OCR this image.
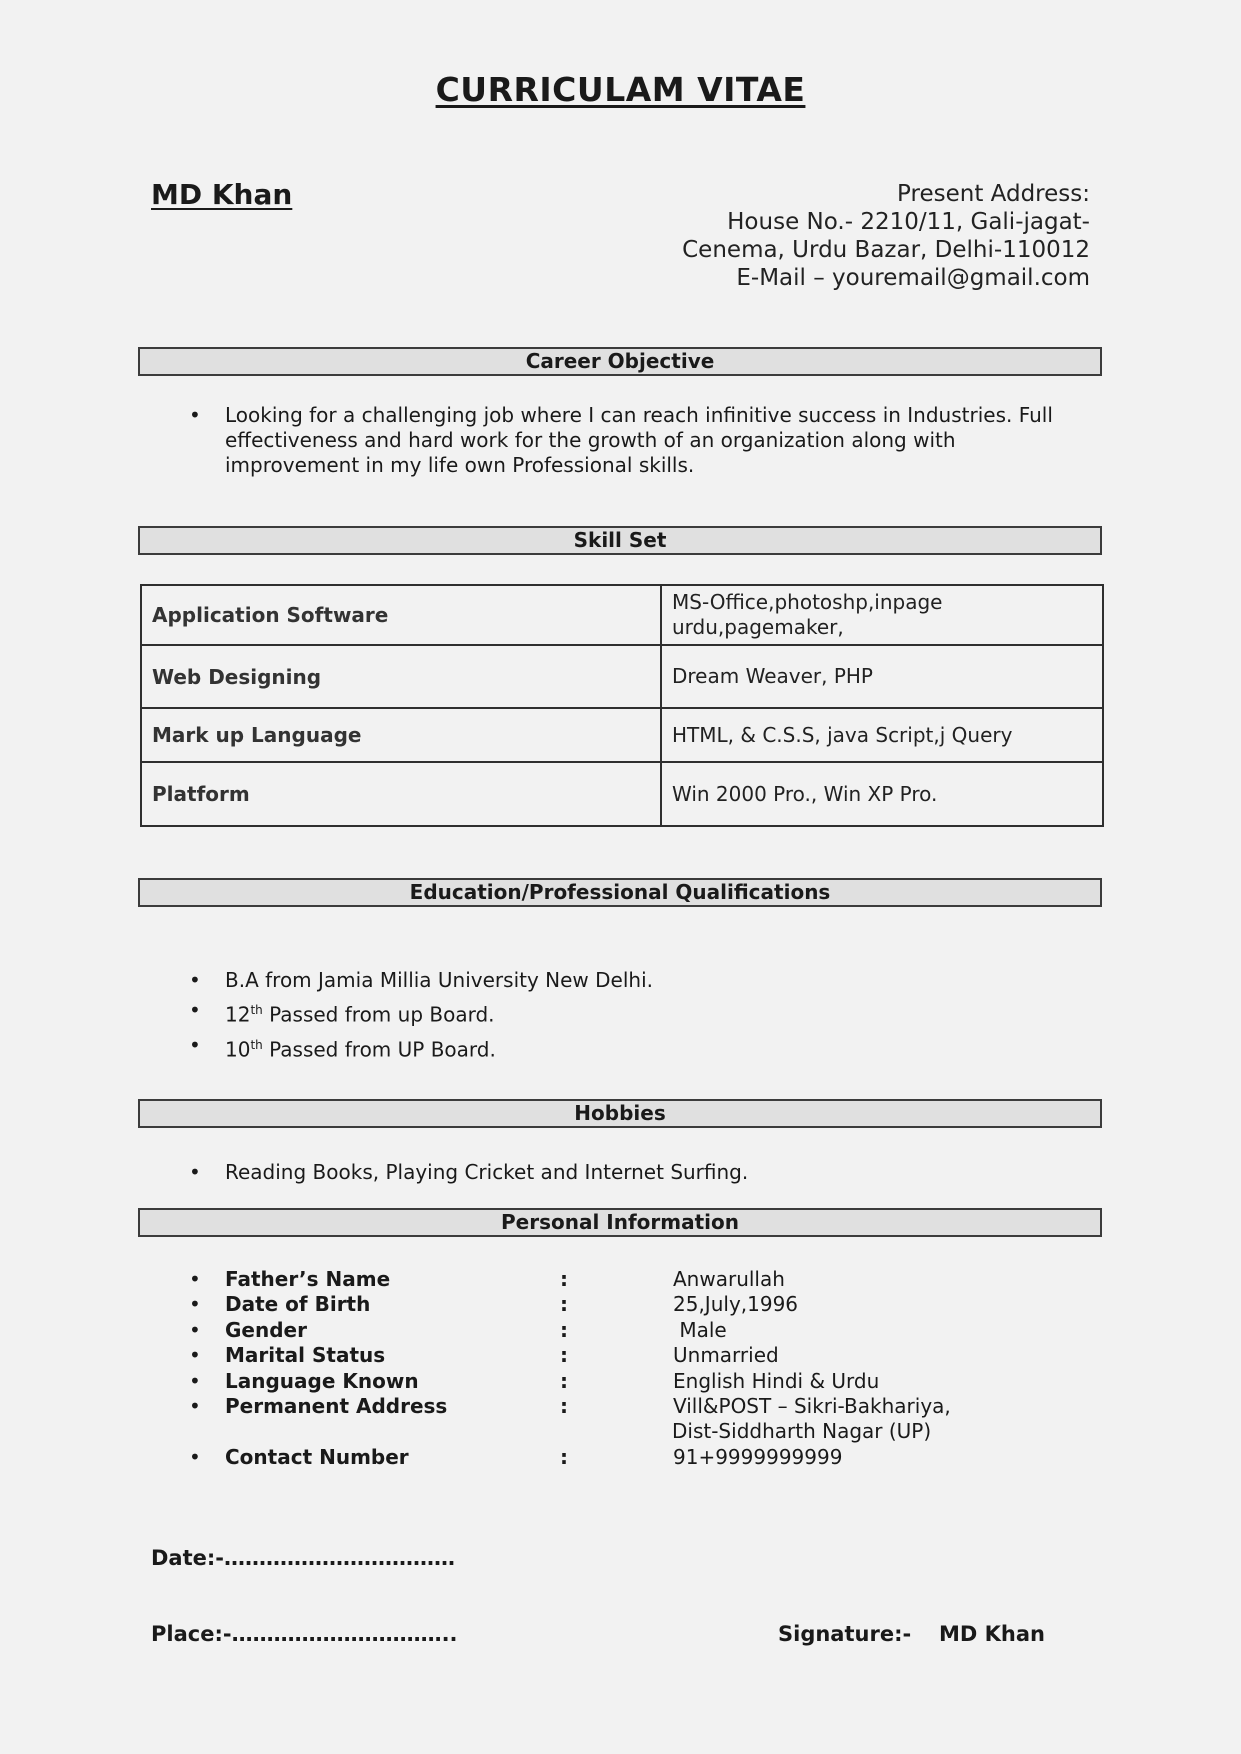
CURRICULAM VITAE
MD Khan	Present Address:
House No.- 2210/11, Gali-jagat-
Cenema, Urdu Bazar, Delhi-110012
E-Mail – youremail@gmail.com
Career Objective
• Looking for a challenging job where I can reach infinitive success in Industries. Full effectiveness and hard work for the growth of an organization along with improvement in my life own Professional skills.
Skill Set
Application Software	MS-Office,photoshp,inpage urdu,pagemaker,
Web Designing	Dream Weaver, PHP
Mark up Language	HTML, & C.S.S, java Script,j Query
Platform	Win 2000 Pro., Win XP Pro.
Education/Professional Qualifications
• B.A from Jamia Millia University New Delhi.
• 12th Passed from up Board.
• 10th Passed from UP Board.
Hobbies
• Reading Books, Playing Cricket and Internet Surfing.
Personal Information
• Father’s Name	:	Anwarullah
• Date of Birth	:	25,July,1996
• Gender	:	Male
• Marital Status	:	Unmarried
• Language Known	:	English Hindi & Urdu
• Permanent Address	:	Vill&POST – Sikri-Bakhariya,
Dist-Siddharth Nagar (UP)
• Contact Number	:	91+9999999999
Date:-……………………………
Place:-…………………………..	Signature:- MD Khan
